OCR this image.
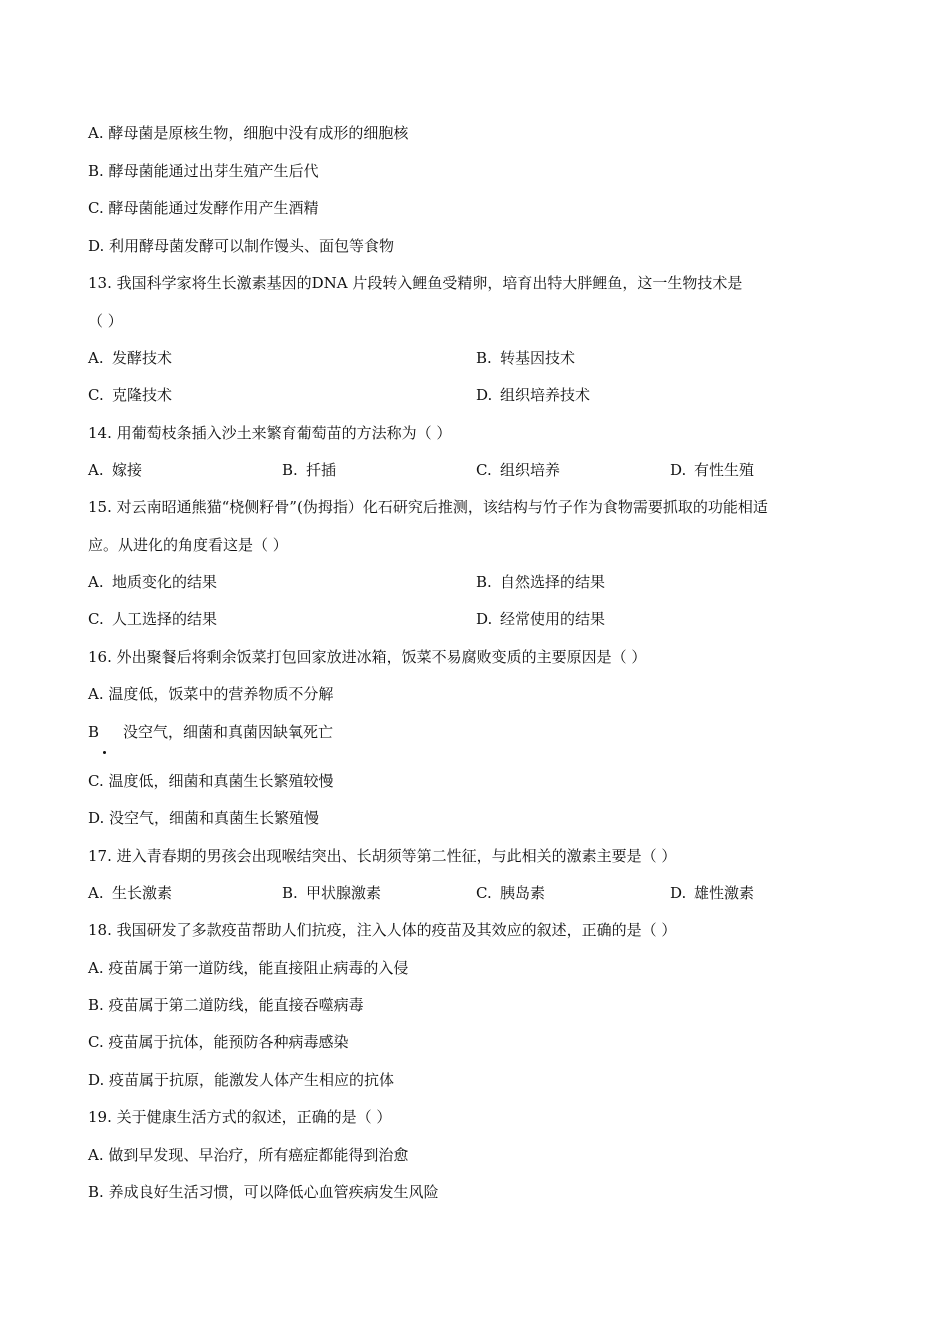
A. 酵母菌是原核生物，细胞中没有成形的细胞核
B. 酵母菌能通过出芽生殖产生后代
C. 酵母菌能通过发酵作用产生酒精
D. 利用酵母菌发酵可以制作馒头、面包等食物
13. 我国科学家将生长激素基因的DNA 片段转入鲤鱼受精卵，培育出特大胖鲤鱼，这一生物技术是
（ ）
A. 发酵技术	B. 转基因技术
C. 克隆技术	D. 组织培养技术
14. 用葡萄枝条插入沙土来繁育葡萄苗的方法称为（ ）
A. 嫁接	B. 扦插	C. 组织培养	D. 有性生殖
15. 对云南昭通熊猫“桡侧籽骨”(伪拇指）化石研究后推测，该结构与竹子作为食物需要抓取的功能相适
应。从进化的角度看这是（ ）
A. 地质变化的结果	B. 自然选择的结果
C. 人工选择的结果	D. 经常使用的结果
16. 外出聚餐后将剩余饭菜打包回家放进冰箱，饭菜不易腐败变质的主要原因是（ ）
A. 温度低，饭菜中的营养物质不分解
B 没空气，细菌和真菌因缺氧死亡
C. 温度低，细菌和真菌生长繁殖较慢
D. 没空气，细菌和真菌生长繁殖慢
17. 进入青春期的男孩会出现喉结突出、长胡须等第二性征，与此相关的激素主要是（ ）
A. 生长激素	B. 甲状腺激素	C. 胰岛素	D. 雄性激素
18. 我国研发了多款疫苗帮助人们抗疫，注入人体的疫苗及其效应的叙述，正确的是（ ）
A. 疫苗属于第一道防线，能直接阻止病毒的入侵
B. 疫苗属于第二道防线，能直接吞噬病毒
C. 疫苗属于抗体，能预防各种病毒感染
D. 疫苗属于抗原，能激发人体产生相应的抗体
19. 关于健康生活方式的叙述，正确的是（ ）
A. 做到早发现、早治疗，所有癌症都能得到治愈
B. 养成良好生活习惯，可以降低心血管疾病发生风险
